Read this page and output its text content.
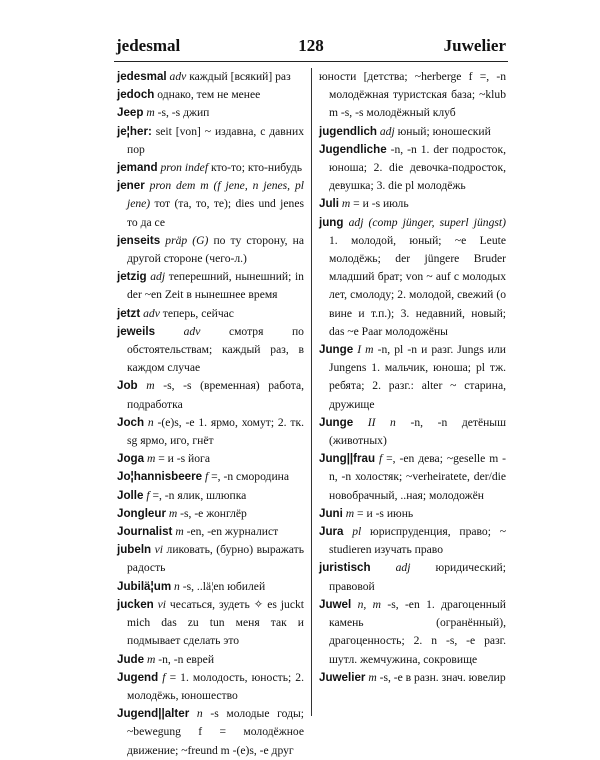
jedesmal	128	Juwelier

jedesmal adv каждый [всякий] раз

jedoch однако, тем не менее

Jeep m -s, -s джип

je¦her: seit [von] ~ издавна, с давних пор

jemand pron indef кто-то; кто-нибудь

jener pron dem m (f jene, n jenes, pl jene) тот (та, то, те); dies und jenes то да се

jenseits präp (G) по ту сторону, на другой стороне (чего-л.)

jetzig adj теперешний, нынешний; in der ~en Zeit в нынешнее время

jetzt adv теперь, сейчас

jeweils adv смотря по обстоятельствам; каждый раз, в каждом случае

Job m -s, -s (временная) работа, подработка

Joch n -(e)s, -e 1. ярмо, хомут; 2. тк. sg ярмо, иго, гнёт

Joga m = и -s йога

Jo¦hannisbeere f =, -n смородина

Jolle f =, -n ялик, шлюпка

Jongleur m -s, -e жонглёр

Journalist m -en, -en журналист

jubeln vi ликовать, (бурно) выражать радость

Jubilä¦um n -s, ..lä¦en юбилей

jucken vi чесаться, зудеть ✧ es juckt mich das zu tun меня так и подмывает сделать это

Jude m -n, -n еврей

Jugend f = 1. молодость, юность; 2. молодёжь, юношество

Jugend||alter n -s молодые годы; ~bewegung f = молодёжное движение; ~freund m -(e)s, -e друг

юности [детства; ~herberge f =, -n молодёжная туристская база; ~klub m -s, -s молодёжный клуб

jugendlich adj юный; юношеский

Jugendliche -n, -n 1. der подросток, юноша; 2. die девочка-подросток, девушка; 3. die pl молодёжь

Juli m = и -s июль

jung adj (comp jünger, superl jüngst) 1. молодой, юный; ~e Leute молодёжь; der jüngere Bruder младший брат; von ~ auf с молодых лет, смолоду; 2. молодой, свежий (о вине и т.п.); 3. недавний, новый; das ~e Paar молодожёны

Junge I m -n, pl -n и разг. Jungs или Jungens 1. мальчик, юноша; pl тж. ребята; 2. разг.: alter ~ старина, дружище

Junge II n -n, -n детёныш (животных)

Jung||frau f =, -en дева; ~geselle m -n, -n холостяк; ~verheiratete, der/die новобрачный, ..ная; молодожён

Juni m = и -s июнь

Jura pl юриспруденция, право; ~ studieren изучать право

juristisch adj юридический; правовой

Juwel n, m -s, -en 1. драгоценный камень (огранённый), драгоценность; 2. n -s, -e разг. шутл. жемчужина, сокровище

Juwelier m -s, -e в разн. знач. ювелир
